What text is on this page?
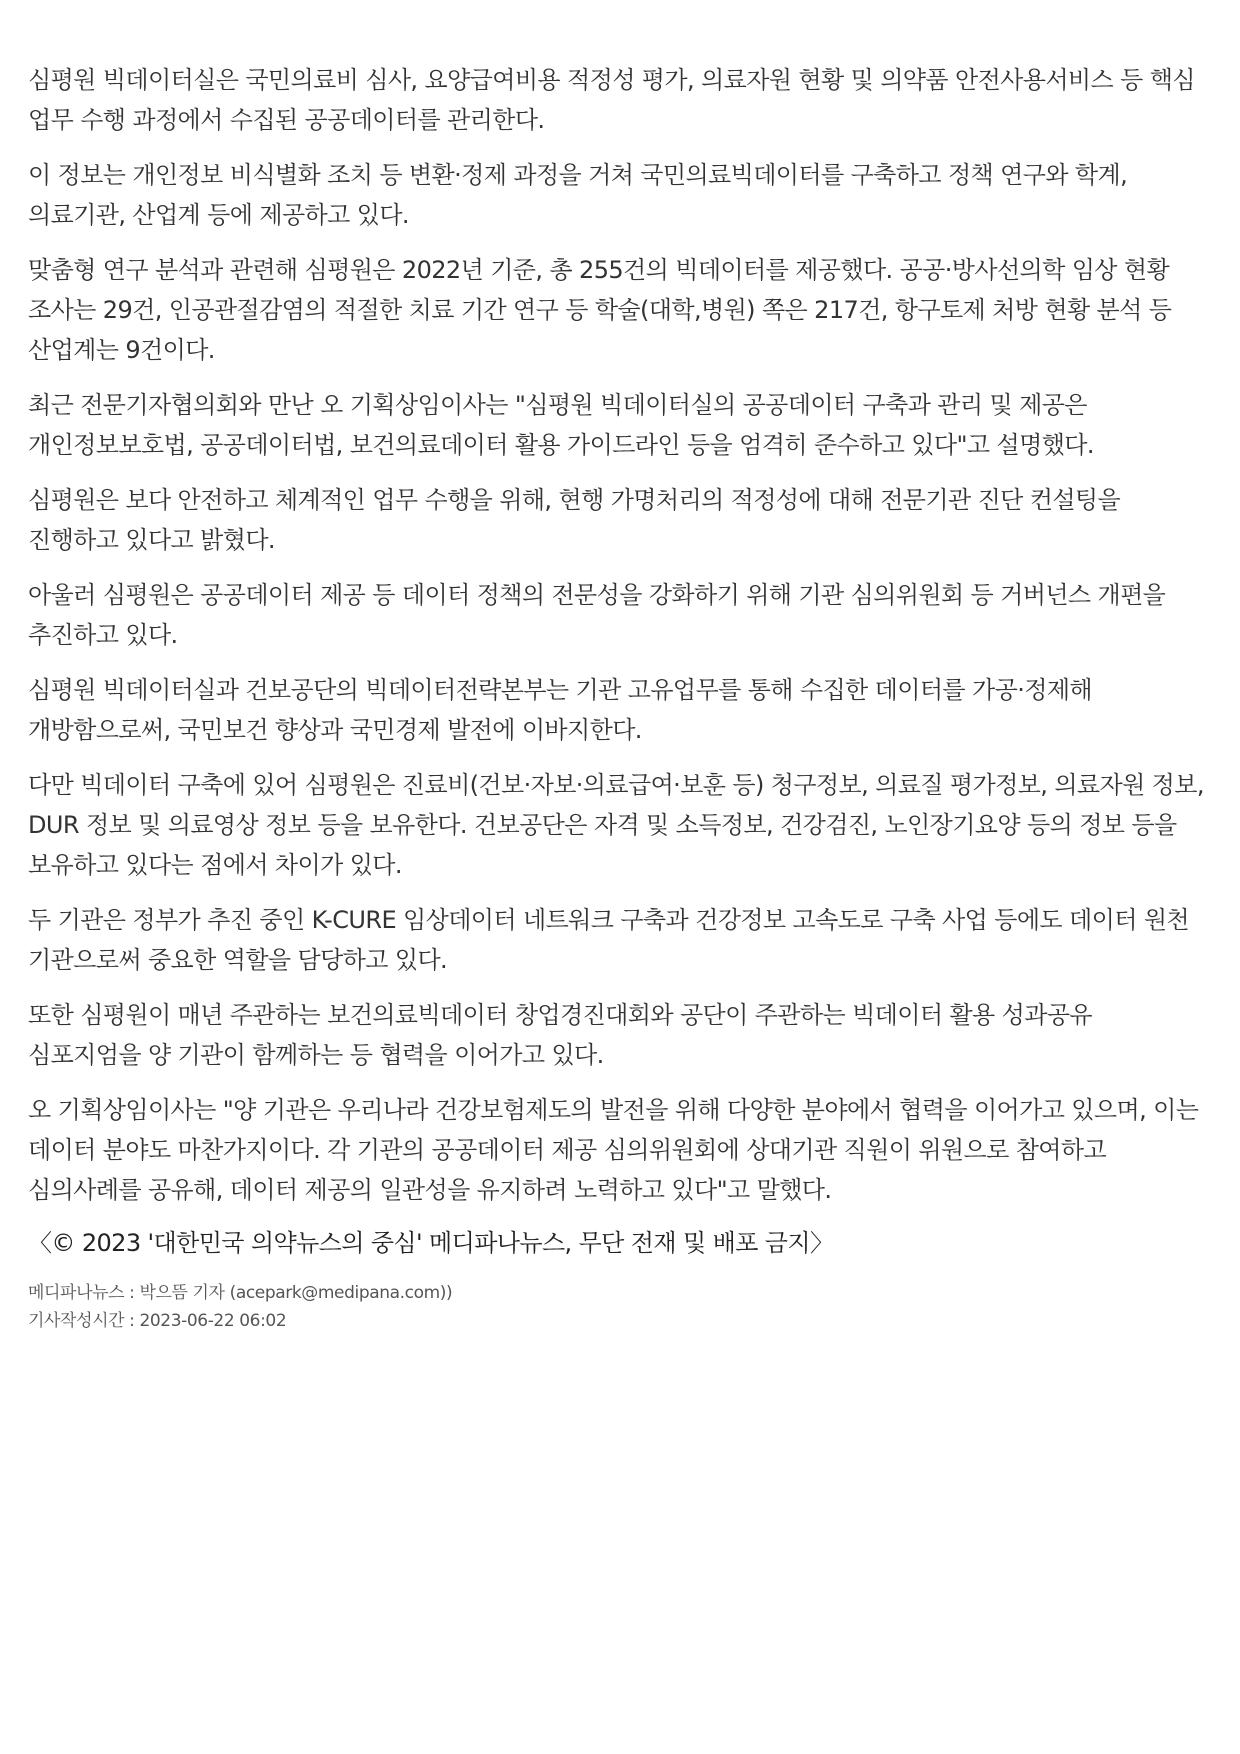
심평원 빅데이터실은 국민의료비 심사, 요양급여비용 적정성 평가, 의료자원 현황 및 의약품 안전사용서비스 등 핵심 업무 수행 과정에서 수집된 공공데이터를 관리한다.

이 정보는 개인정보 비식별화 조치 등 변환·정제 과정을 거쳐 국민의료빅데이터를 구축하고 정책 연구와 학계, 의료기관, 산업계 등에 제공하고 있다.

맞춤형 연구 분석과 관련해 심평원은 2022년 기준, 총 255건의 빅데이터를 제공했다. 공공·방사선의학 임상 현황 조사는 29건, 인공관절감염의 적절한 치료 기간 연구 등 학술(대학,병원) 쪽은 217건, 항구토제 처방 현황 분석 등 산업계는 9건이다.

최근 전문기자협의회와 만난 오 기획상임이사는 "심평원 빅데이터실의 공공데이터 구축과 관리 및 제공은 개인정보보호법, 공공데이터법, 보건의료데이터 활용 가이드라인 등을 엄격히 준수하고 있다"고 설명했다.

심평원은 보다 안전하고 체계적인 업무 수행을 위해, 현행 가명처리의 적정성에 대해 전문기관 진단 컨설팅을 진행하고 있다고 밝혔다.

아울러 심평원은 공공데이터 제공 등 데이터 정책의 전문성을 강화하기 위해 기관 심의위원회 등 거버넌스 개편을 추진하고 있다.

심평원 빅데이터실과 건보공단의 빅데이터전략본부는 기관 고유업무를 통해 수집한 데이터를 가공·정제해 개방함으로써, 국민보건 향상과 국민경제 발전에 이바지한다.

다만 빅데이터 구축에 있어 심평원은 진료비(건보·자보·의료급여·보훈 등) 청구정보, 의료질 평가정보, 의료자원 정보, DUR 정보 및 의료영상 정보 등을 보유한다. 건보공단은 자격 및 소득정보, 건강검진, 노인장기요양 등의 정보 등을 보유하고 있다는 점에서 차이가 있다.

두 기관은 정부가 추진 중인 K-CURE 임상데이터 네트워크 구축과 건강정보 고속도로 구축 사업 등에도 데이터 원천 기관으로써 중요한 역할을 담당하고 있다.

또한 심평원이 매년 주관하는 보건의료빅데이터 창업경진대회와 공단이 주관하는 빅데이터 활용 성과공유 심포지엄을 양 기관이 함께하는 등 협력을 이어가고 있다.

오 기획상임이사는 "양 기관은 우리나라 건강보험제도의 발전을 위해 다양한 분야에서 협력을 이어가고 있으며, 이는 데이터 분야도 마찬가지이다. 각 기관의 공공데이터 제공 심의위원회에 상대기관 직원이 위원으로 참여하고 심의사례를 공유해, 데이터 제공의 일관성을 유지하려 노력하고 있다"고 말했다.

〈© 2023 '대한민국 의약뉴스의 중심' 메디파나뉴스, 무단 전재 및 배포 금지〉
메디파나뉴스 : 박으뜸 기자 (acepark@medipana.com))
기사작성시간 : 2023-06-22 06:02
